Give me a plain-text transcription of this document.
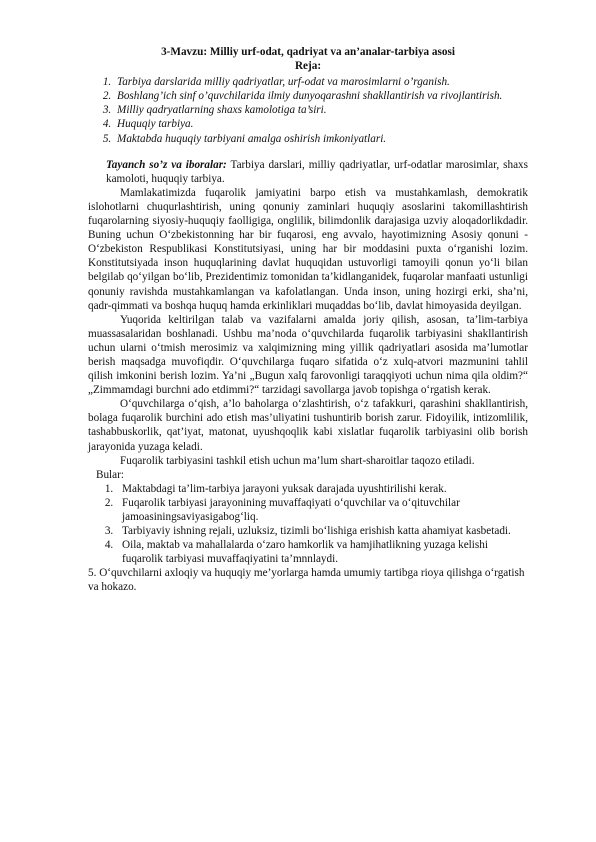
3-Mavzu: Milliy urf-odat, qadriyat va an’analar-tarbiya asosi
Reja:
1. Tarbiya darslarida milliy qadriyatlar, urf-odat va marosimlarni o’rganish.
2. Boshlang’ich sinf o’quvchilarida ilmiy dunyoqarashni shakllantirish va rivojlantirish.
3. Milliy qadryatlarning shaxs kamolotiga ta’siri.
4. Huquqiy tarbiya.
5. Maktabda huquqiy tarbiyani amalga oshirish imkoniyatlari.
Tayanch so’z va iboralar: Tarbiya darslari, milliy qadriyatlar, urf-odatlar marosimlar, shaxs kamoloti, huquqiy tarbiya.

Mamlakatimizda fuqarolik jamiyatini barpo etish va mustahkamlash, demokratik islohotlarni chuqurlashtirish, uning qonuniy zaminlari huquqiy asoslarini takomillashtirish fuqarolarning siyosiy-huquqiy faolligiga, onglilik, bilimdonlik darajasiga uzviy aloqadorlikdadir. Buning uchun O‘zbekistonning har bir fuqarosi, eng avvalo, hayotimizning Asosiy qonuni -O‘zbekiston Respublikasi Konstitutsiyasi, uning har bir moddasini puxta o‘rganishi lozim. Konstitutsiyada inson huquqlarining davlat huquqidan ustuvorligi tamoyili qonun yo‘li bilan belgilab qo‘yilgan bo‘lib, Prezidentimiz tomonidan ta’kidlanganidek, fuqarolar manfaati ustunligi qonuniy ravishda mustahkamlangan va kafolatlangan. Unda inson, uning hozirgi erki, sha’ni, qadr-qimmati va boshqa huquq hamda erkinliklari muqaddas bo‘lib, davlat himoyasida deyilgan.

Yuqorida keltirilgan talab va vazifalarni amalda joriy qilish, asosan, ta’lim-tarbiya muassasalaridan boshlanadi. Ushbu ma’noda o‘quvchilarda fuqarolik tarbiyasini shakllantirish uchun ularni o‘tmish merosimiz va xalqimizning ming yillik qadriyatlari asosida ma’lumotlar berish maqsadga muvofiqdir. O‘quvchilarga fuqaro sifatida o‘z xulq-atvori mazmunini tahlil qilish imkonini berish lozim. Ya’ni „Bugun xalq farovonligi taraqqiyoti uchun nima qila oldim?“ „Zimmamdagi burchni ado etdimmi?“ tarzidagi savollarga javob topishga o‘rgatish kerak.

O‘quvchilarga o‘qish, a’lo baholarga o‘zlashtirish, o‘z tafakkuri, qarashini shakllantirish, bolaga fuqarolik burchini ado etish mas’uliyatini tushuntirib borish zarur. Fidoyilik, intizomlilik, tashabbuskorlik, qat’iyat, matonat, uyushqoqlik kabi xislatlar fuqarolik tarbiyasini olib borish jarayonida yuzaga keladi.

Fuqarolik tarbiyasini tashkil etish uchun ma’lum shart-sharoitlar taqozo etiladi.

Bular:
1. Maktabdagi ta’lim-tarbiya jarayoni yuksak darajada uyushtirilishi kerak.
2. Fuqarolik tarbiyasi jarayonining muvaffaqiyati o‘quvchilar va o‘qituvchilar jamoasiningsaviyasigabog‘liq.
3. Tarbiyaviy ishning rejali, uzluksiz, tizimli bo‘lishiga erishish katta ahamiyat kasbetadi.
4. Oila, maktab va mahallalarda o‘zaro hamkorlik va hamjihatlikning yuzaga kelishi fuqarolik tarbiyasi muvaffaqiyatini ta’mnnlaydi.

5. O‘quvchilarni axloqiy va huquqiy me’yorlarga hamda umumiy tartibga rioya qilishga o‘rgatish va hokazo.
